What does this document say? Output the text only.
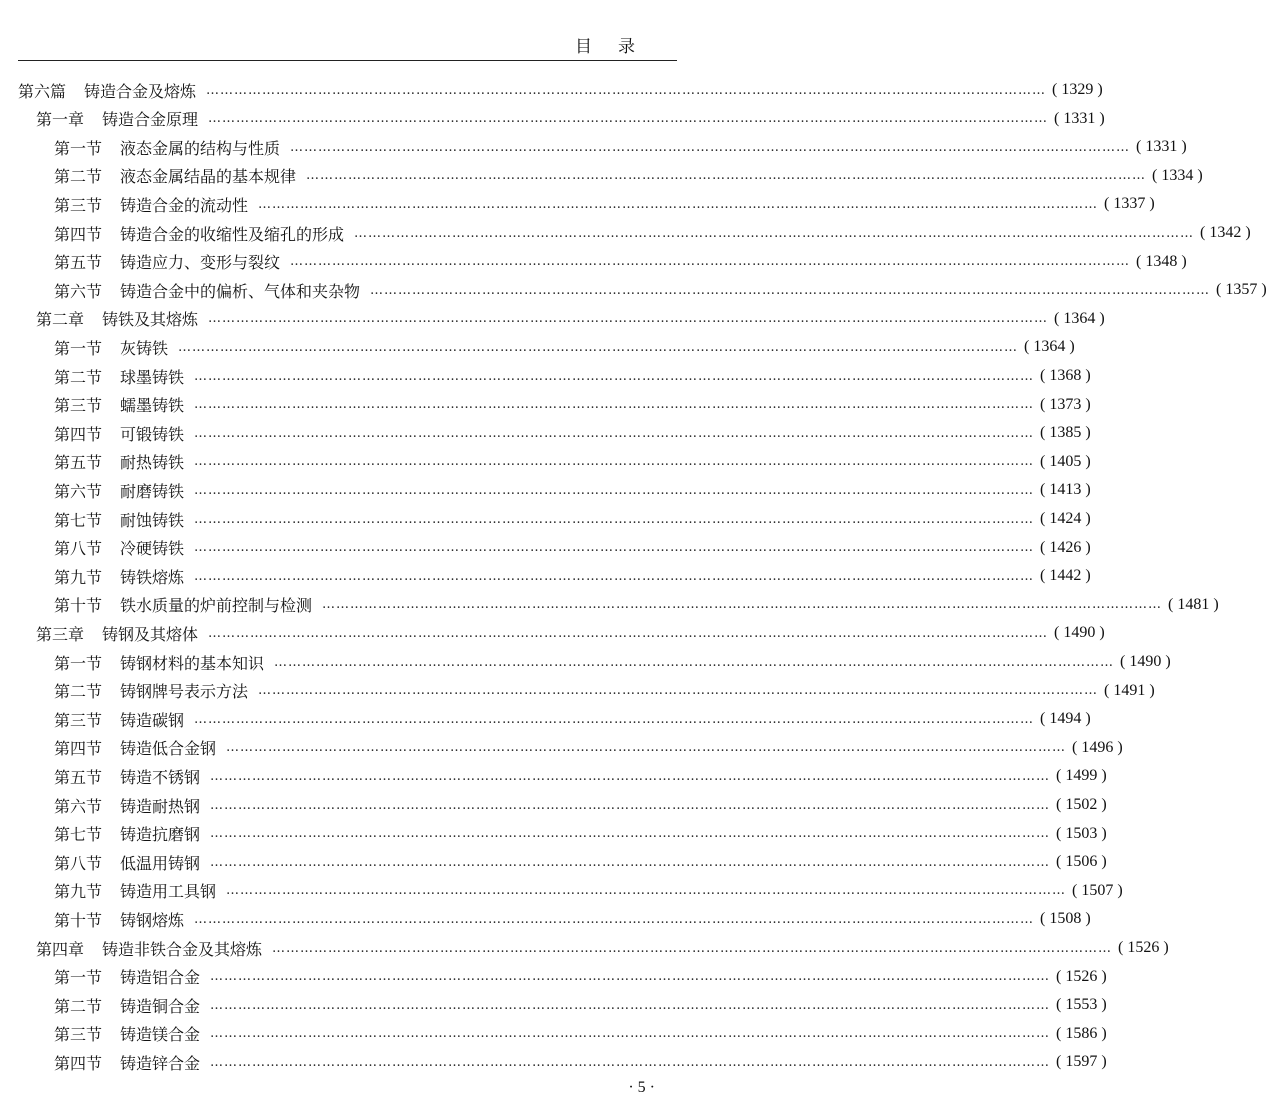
目录
第六篇 铸造合金及熔炼 ……………………………………………………………………………………………………………………………………………………………… ( 1329 )
第一章 铸造合金原理 ……………………………………………………………………………………………………………………………………………………………… ( 1331 )
第一节 液态金属的结构与性质 ……………………………………………………………………………………………………………………………………………………………… ( 1331 )
第二节 液态金属结晶的基本规律 ……………………………………………………………………………………………………………………………………………………………… ( 1334 )
第三节 铸造合金的流动性 ……………………………………………………………………………………………………………………………………………………………… ( 1337 )
第四节 铸造合金的收缩性及缩孔的形成 ……………………………………………………………………………………………………………………………………………………………… ( 1342 )
第五节 铸造应力、变形与裂纹 ……………………………………………………………………………………………………………………………………………………………… ( 1348 )
第六节 铸造合金中的偏析、气体和夹杂物 ……………………………………………………………………………………………………………………………………………………………… ( 1357 )
第二章 铸铁及其熔炼 ……………………………………………………………………………………………………………………………………………………………… ( 1364 )
第一节 灰铸铁 ……………………………………………………………………………………………………………………………………………………………… ( 1364 )
第二节 球墨铸铁 ……………………………………………………………………………………………………………………………………………………………… ( 1368 )
第三节 蠕墨铸铁 ……………………………………………………………………………………………………………………………………………………………… ( 1373 )
第四节 可锻铸铁 ……………………………………………………………………………………………………………………………………………………………… ( 1385 )
第五节 耐热铸铁 ……………………………………………………………………………………………………………………………………………………………… ( 1405 )
第六节 耐磨铸铁 ……………………………………………………………………………………………………………………………………………………………… ( 1413 )
第七节 耐蚀铸铁 ……………………………………………………………………………………………………………………………………………………………… ( 1424 )
第八节 冷硬铸铁 ……………………………………………………………………………………………………………………………………………………………… ( 1426 )
第九节 铸铁熔炼 ……………………………………………………………………………………………………………………………………………………………… ( 1442 )
第十节 铁水质量的炉前控制与检测 ……………………………………………………………………………………………………………………………………………………………… ( 1481 )
第三章 铸钢及其熔体 ……………………………………………………………………………………………………………………………………………………………… ( 1490 )
第一节 铸钢材料的基本知识 ……………………………………………………………………………………………………………………………………………………………… ( 1490 )
第二节 铸钢牌号表示方法 ……………………………………………………………………………………………………………………………………………………………… ( 1491 )
第三节 铸造碳钢 ……………………………………………………………………………………………………………………………………………………………… ( 1494 )
第四节 铸造低合金钢 ……………………………………………………………………………………………………………………………………………………………… ( 1496 )
第五节 铸造不锈钢 ……………………………………………………………………………………………………………………………………………………………… ( 1499 )
第六节 铸造耐热钢 ……………………………………………………………………………………………………………………………………………………………… ( 1502 )
第七节 铸造抗磨钢 ……………………………………………………………………………………………………………………………………………………………… ( 1503 )
第八节 低温用铸钢 ……………………………………………………………………………………………………………………………………………………………… ( 1506 )
第九节 铸造用工具钢 ……………………………………………………………………………………………………………………………………………………………… ( 1507 )
第十节 铸钢熔炼 ……………………………………………………………………………………………………………………………………………………………… ( 1508 )
第四章 铸造非铁合金及其熔炼 ……………………………………………………………………………………………………………………………………………………………… ( 1526 )
第一节 铸造铝合金 ……………………………………………………………………………………………………………………………………………………………… ( 1526 )
第二节 铸造铜合金 ……………………………………………………………………………………………………………………………………………………………… ( 1553 )
第三节 铸造镁合金 ……………………………………………………………………………………………………………………………………………………………… ( 1586 )
第四节 铸造锌合金 ……………………………………………………………………………………………………………………………………………………………… ( 1597 )
· 5 ·
